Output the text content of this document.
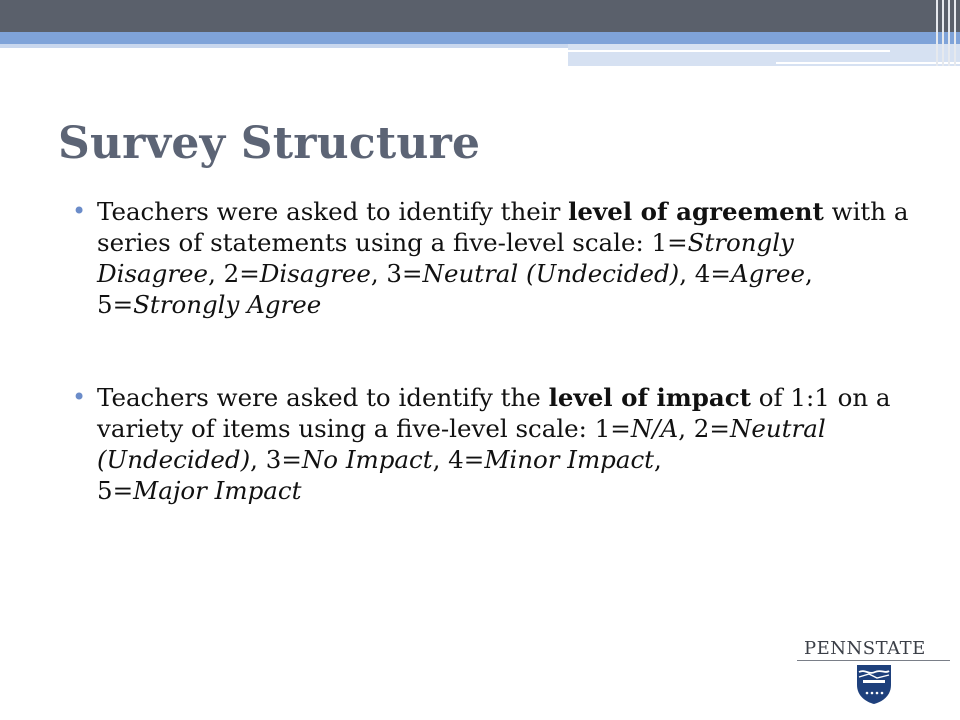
Survey Structure
• Teachers were asked to identify their level of agreement with a series of statements using a five-level scale: 1=Strongly Disagree, 2=Disagree, 3=Neutral (Undecided), 4=Agree, 5=Strongly Agree
• Teachers were asked to identify the level of impact of 1:1 on a variety of items using a five-level scale: 1=N/A, 2=Neutral (Undecided), 3=No Impact, 4=Minor Impact,
5=Major Impact
PENNSTATE
